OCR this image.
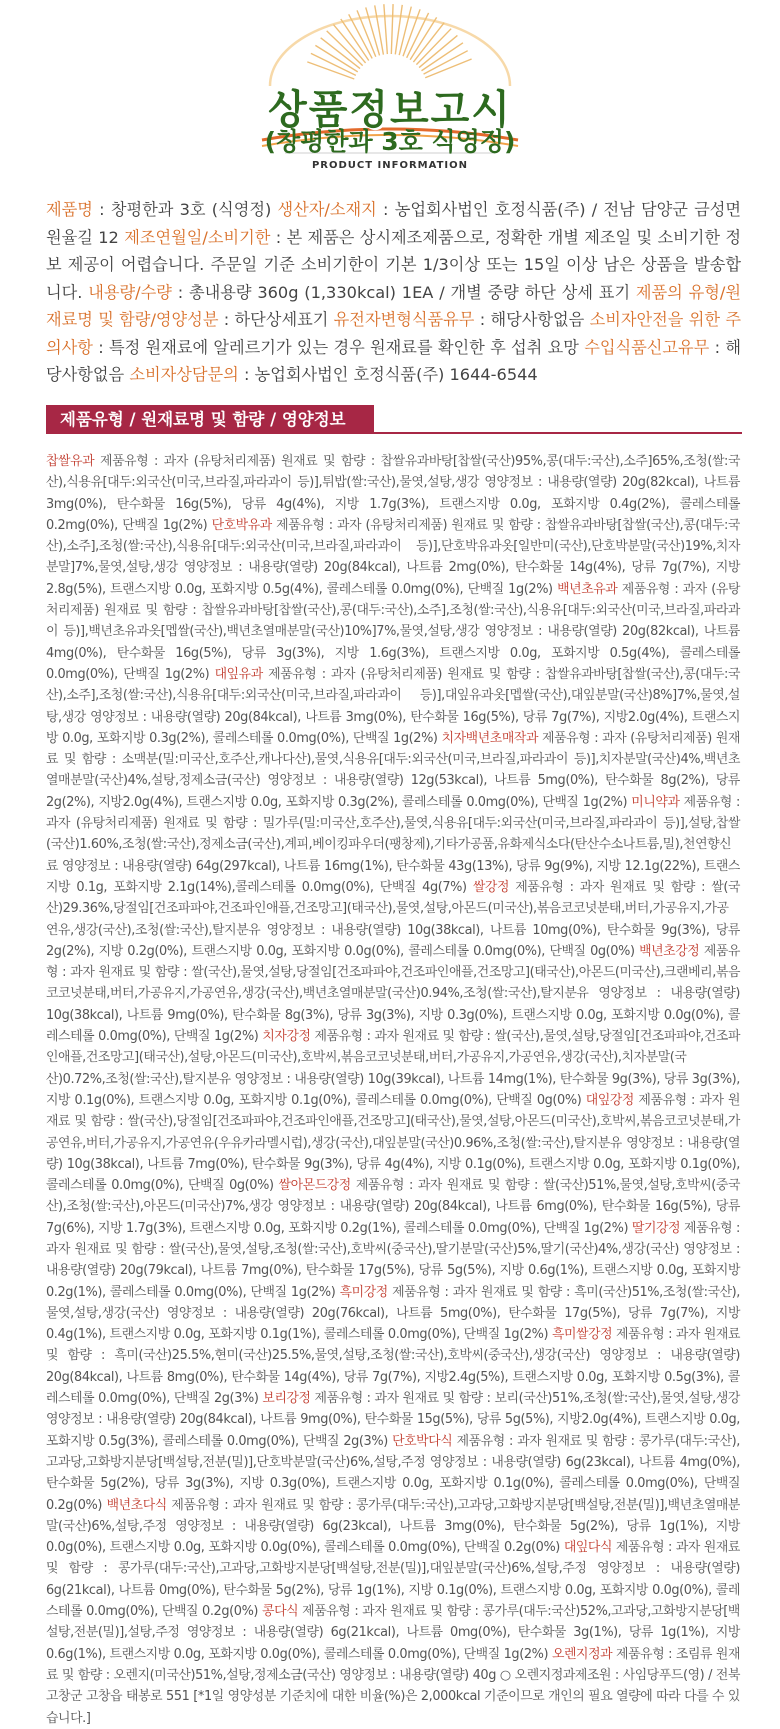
상품정보고시
(창평한과 3호 식영정)
PRODUCT INFORMATION
제품명 : 창평한과 3호 (식영정) 생산자/소재지 : 농업회사법인 호정식품(주) / 전남 담양군 금성면 원율길 12 제조연월일/소비기한 : 본 제품은 상시제조제품으로, 정확한 개별 제조일 및 소비기한 정보 제공이 어렵습니다. 주문일 기준 소비기한이 기본 1/3이상 또는 15일 이상 남은 상품을 발송합니다. 내용량/수량 : 총내용량 360g (1,330kcal) 1EA / 개별 중량 하단 상세 표기 제품의 유형/원재료명 및 함량/영양성분 : 하단상세표기 유전자변형식품유무 : 해당사항없음 소비자안전을 위한 주의사항 : 특정 원재료에 알레르기가 있는 경우 원재료를 확인한 후 섭취 요망 수입식품신고유무 : 해당사항없음 소비자상담문의 : 농업회사법인 호정식품(주) 1644-6544
제품유형 / 원재료명 및 함량 / 영양정보
찹쌀유과 제품유형 : 과자 (유탕처리제품) 원재료 및 함량 : 찹쌀유과바탕[찹쌀(국산)95%,콩(대두:국산),소주]65%,조청(쌀:국산),식용유[대두:외국산(미국,브라질,파라과이 등)],튀밥(쌀:국산),물엿,설탕,생강 영양정보 : 내용량(열량) 20g(82kcal), 나트륨 3mg(0%), 탄수화물 16g(5%), 당류 4g(4%), 지방 1.7g(3%), 트랜스지방 0.0g, 포화지방 0.4g(2%), 콜레스테롤 0.2mg(0%), 단백질 1g(2%) 단호박유과 제품유형 : 과자 (유탕처리제품) 원재료 및 함량 : 찹쌀유과바탕[찹쌀(국산),콩(대두:국산),소주],조청(쌀:국산),식용유[대두:외국산(미국,브라질,파라과이 등)],단호박유과옷[일반미(국산),단호박분말(국산)19%,치자분말]7%,물엿,설탕,생강 영양정보 : 내용량(열량) 20g(84kcal), 나트륨 2mg(0%), 탄수화물 14g(4%), 당류 7g(7%), 지방 2.8g(5%), 트랜스지방 0.0g, 포화지방 0.5g(4%), 콜레스테롤 0.0mg(0%), 단백질 1g(2%) 백년초유과 제품유형 : 과자 (유탕처리제품) 원재료 및 함량 : 찹쌀유과바탕[찹쌀(국산),콩(대두:국산),소주],조청(쌀:국산),식용유[대두:외국산(미국,브라질,파라과이 등)],백년초유과옷[멥쌀(국산),백년초열매분말(국산)10%]7%,물엿,설탕,생강 영양정보 : 내용량(열량) 20g(82kcal), 나트륨 4mg(0%), 탄수화물 16g(5%), 당류 3g(3%), 지방 1.6g(3%), 트랜스지방 0.0g, 포화지방 0.5g(4%), 콜레스테롤 0.0mg(0%), 단백질 1g(2%) 대잎유과 제품유형 : 과자 (유탕처리제품) 원재료 및 함량 : 찹쌀유과바탕[찹쌀(국산),콩(대두:국산),소주],조청(쌀:국산),식용유[대두:외국산(미국,브라질,파라과이 등)],대잎유과옷[멥쌀(국산),대잎분말(국산)8%]7%,물엿,설탕,생강 영양정보 : 내용량(열량) 20g(84kcal), 나트륨 3mg(0%), 탄수화물 16g(5%), 당류 7g(7%), 지방2.0g(4%), 트랜스지방 0.0g, 포화지방 0.3g(2%), 콜레스테롤 0.0mg(0%), 단백질 1g(2%) 치자백년초매작과 제품유형 : 과자 (유탕처리제품) 원재료 및 함량 : 소맥분(밀:미국산,호주산,캐나다산),물엿,식용유[대두:외국산(미국,브라질,파라과이 등)],치자분말(국산)4%,백년초열매분말(국산)4%,설탕,정제소금(국산) 영양정보 : 내용량(열량) 12g(53kcal), 나트륨 5mg(0%), 탄수화물 8g(2%), 당류 2g(2%), 지방2.0g(4%), 트랜스지방 0.0g, 포화지방 0.3g(2%), 콜레스테롤 0.0mg(0%), 단백질 1g(2%) 미니약과 제품유형 : 과자 (유탕처리제품) 원재료 및 함량 : 밀가루(밀:미국산,호주산),물엿,식용유[대두:외국산(미국,브라질,파라과이 등)],설탕,찹쌀(국산)1.60%,조청(쌀:국산),정제소금(국산),계피,베이킹파우더(팽창제),기타가공품,유화제식소다(탄산수소나트륨,밀),천연향신료 영양정보 : 내용량(열량) 64g(297kcal), 나트륨 16mg(1%), 탄수화물 43g(13%), 당류 9g(9%), 지방 12.1g(22%), 트랜스지방 0.1g, 포화지방 2.1g(14%),콜레스테롤 0.0mg(0%), 단백질 4g(7%) 쌀강정 제품유형 : 과자 원재료 및 함량 : 쌀(국산)29.36%,당절임[건조파파야,건조파인애플,건조망고](태국산),물엿,설탕,아몬드(미국산),볶음코코넛분태,버터,가공유지,가공연유,생강(국산),조청(쌀:국산),탈지분유 영양정보 : 내용량(열량) 10g(38kcal), 나트륨 10mg(0%), 탄수화물 9g(3%), 당류 2g(2%), 지방 0.2g(0%), 트랜스지방 0.0g, 포화지방 0.0g(0%), 콜레스테롤 0.0mg(0%), 단백질 0g(0%) 백년초강정 제품유형 : 과자 원재료 및 함량 : 쌀(국산),물엿,설탕,당절임[건조파파야,건조파인애플,건조망고](태국산),아몬드(미국산),크랜베리,볶음코코넛분태,버터,가공유지,가공연유,생강(국산),백년초열매분말(국산)0.94%,조청(쌀:국산),탈지분유 영양정보 : 내용량(열량) 10g(38kcal), 나트륨 9mg(0%), 탄수화물 8g(3%), 당류 3g(3%), 지방 0.3g(0%), 트랜스지방 0.0g, 포화지방 0.0g(0%), 콜레스테롤 0.0mg(0%), 단백질 1g(2%) 치자강정 제품유형 : 과자 원재료 및 함량 : 쌀(국산),물엿,설탕,당절임[건조파파야,건조파인애플,건조망고](태국산),설탕,아몬드(미국산),호박씨,볶음코코넛분태,버터,가공유지,가공연유,생강(국산),치자분말(국산)0.72%,조청(쌀:국산),탈지분유 영양정보 : 내용량(열량) 10g(39kcal), 나트륨 14mg(1%), 탄수화물 9g(3%), 당류 3g(3%), 지방 0.1g(0%), 트랜스지방 0.0g, 포화지방 0.1g(0%), 콜레스테롤 0.0mg(0%), 단백질 0g(0%) 대잎강정 제품유형 : 과자 원재료 및 함량 : 쌀(국산),당절임[건조파파야,건조파인애플,건조망고](태국산),물엿,설탕,아몬드(미국산),호박씨,볶음코코넛분태,가공연유,버터,가공유지,가공연유(우유카라멜시럽),생강(국산),대잎분말(국산)0.96%,조청(쌀:국산),탈지분유 영양정보 : 내용량(열량) 10g(38kcal), 나트륨 7mg(0%), 탄수화물 9g(3%), 당류 4g(4%), 지방 0.1g(0%), 트랜스지방 0.0g, 포화지방 0.1g(0%), 콜레스테롤 0.0mg(0%), 단백질 0g(0%) 쌀아몬드강정 제품유형 : 과자 원재료 및 함량 : 쌀(국산)51%,물엿,설탕,호박씨(중국산),조청(쌀:국산),아몬드(미국산)7%,생강 영양정보 : 내용량(열량) 20g(84kcal), 나트륨 6mg(0%), 탄수화물 16g(5%), 당류 7g(6%), 지방 1.7g(3%), 트랜스지방 0.0g, 포화지방 0.2g(1%), 콜레스테롤 0.0mg(0%), 단백질 1g(2%) 딸기강정 제품유형 : 과자 원재료 및 함량 : 쌀(국산),물엿,설탕,조청(쌀:국산),호박씨(중국산),딸기분말(국산)5%,딸기(국산)4%,생강(국산) 영양정보 : 내용량(열량) 20g(79kcal), 나트륨 7mg(0%), 탄수화물 17g(5%), 당류 5g(5%), 지방 0.6g(1%), 트랜스지방 0.0g, 포화지방 0.2g(1%), 콜레스테롤 0.0mg(0%), 단백질 1g(2%) 흑미강정 제품유형 : 과자 원재료 및 함량 : 흑미(국산)51%,조청(쌀:국산),물엿,설탕,생강(국산) 영양정보 : 내용량(열량) 20g(76kcal), 나트륨 5mg(0%), 탄수화물 17g(5%), 당류 7g(7%), 지방0.4g(1%), 트랜스지방 0.0g, 포화지방 0.1g(1%), 콜레스테롤 0.0mg(0%), 단백질 1g(2%) 흑미쌀강정 제품유형 : 과자 원재료 및 함량 : 흑미(국산)25.5%,현미(국산)25.5%,물엿,설탕,조청(쌀:국산),호박씨(중국산),생강(국산) 영양정보 : 내용량(열량) 20g(84kcal), 나트륨 8mg(0%), 탄수화물 14g(4%), 당류 7g(7%), 지방2.4g(5%), 트랜스지방 0.0g, 포화지방 0.5g(3%), 콜레스테롤 0.0mg(0%), 단백질 2g(3%) 보리강정 제품유형 : 과자 원재료 및 함량 : 보리(국산)51%,조청(쌀:국산),물엿,설탕,생강 영양정보 : 내용량(열량) 20g(84kcal), 나트륨 9mg(0%), 탄수화물 15g(5%), 당류 5g(5%), 지방2.0g(4%), 트랜스지방 0.0g, 포화지방 0.5g(3%), 콜레스테롤 0.0mg(0%), 단백질 2g(3%) 단호박다식 제품유형 : 과자 원재료 및 함량 : 콩가루(대두:국산),고과당,고화방지분당[백설탕,전분(밀)],단호박분말(국산)6%,설탕,주정 영양정보 : 내용량(열량) 6g(23kcal), 나트륨 4mg(0%), 탄수화물 5g(2%), 당류 3g(3%), 지방 0.3g(0%), 트랜스지방 0.0g, 포화지방 0.1g(0%), 콜레스테롤 0.0mg(0%), 단백질 0.2g(0%) 백년초다식 제품유형 : 과자 원재료 및 함량 : 콩가루(대두:국산),고과당,고화방지분당[백설탕,전분(밀)],백년초열매분말(국산)6%,설탕,주정 영양정보 : 내용량(열량) 6g(23kcal), 나트륨 3mg(0%), 탄수화물 5g(2%), 당류 1g(1%), 지방 0.0g(0%), 트랜스지방 0.0g, 포화지방 0.0g(0%), 콜레스테롤 0.0mg(0%), 단백질 0.2g(0%) 대잎다식 제품유형 : 과자 원재료 및 함량 : 콩가루(대두:국산),고과당,고화방지분당[백설탕,전분(밀)],대잎분말(국산)6%,설탕,주정 영양정보 : 내용량(열량) 6g(21kcal), 나트륨 0mg(0%), 탄수화물 5g(2%), 당류 1g(1%), 지방 0.1g(0%), 트랜스지방 0.0g, 포화지방 0.0g(0%), 콜레스테롤 0.0mg(0%), 단백질 0.2g(0%) 콩다식 제품유형 : 과자 원재료 및 함량 : 콩가루(대두:국산)52%,고과당,고화방지분당[백설탕,전분(밀)],설탕,주정 영양정보 : 내용량(열량) 6g(21kcal), 나트륨 0mg(0%), 탄수화물 3g(1%), 당류 1g(1%), 지방0.6g(1%), 트랜스지방 0.0g, 포화지방 0.0g(0%), 콜레스테롤 0.0mg(0%), 단백질 1g(2%) 오렌지정과 제품유형 : 조림류 원재료 및 함량 : 오렌지(미국산)51%,설탕,정제소금(국산) 영양정보 : 내용량(열량) 40g ○ 오렌지정과제조원 : 사임당푸드(영) / 전북 고창군 고창읍 태봉로 551 [*1일 영양성분 기준치에 대한 비율(%)은 2,000kcal 기준이므로 개인의 필요 열량에 따라 다를 수 있습니다.]
